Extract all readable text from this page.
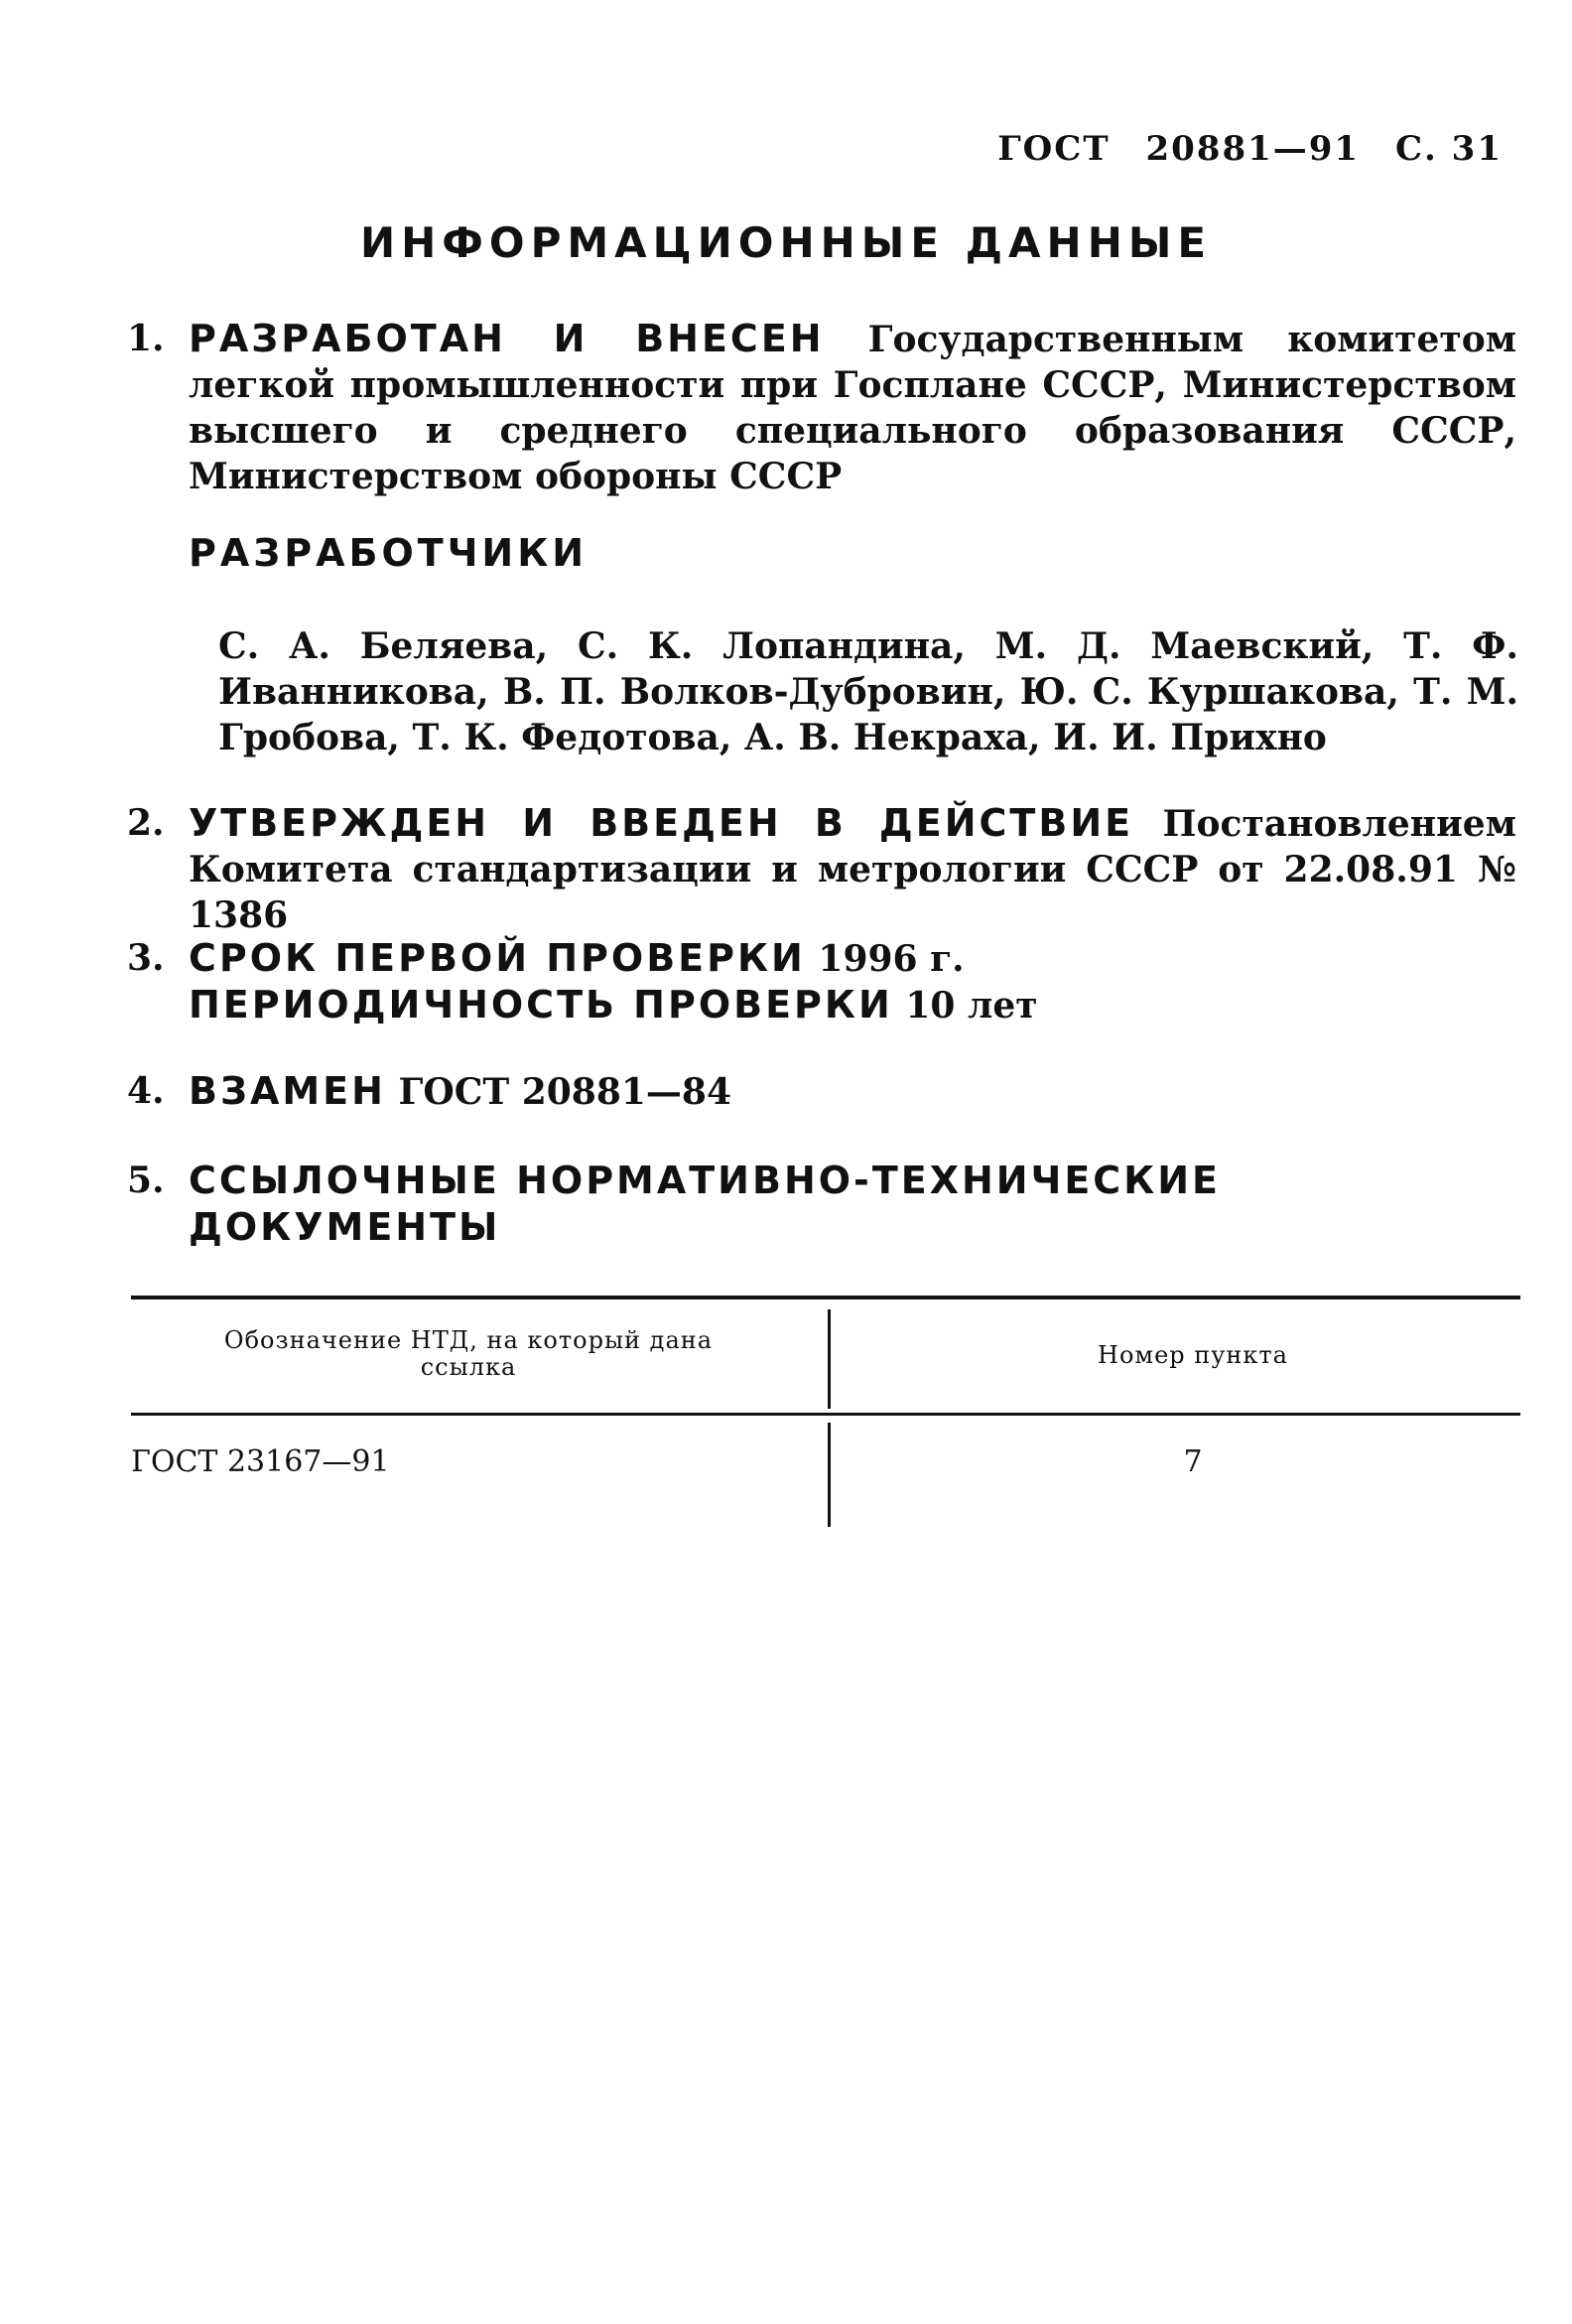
ГОСТ 20881—91 С. 31
ИНФОРМАЦИОННЫЕ ДАННЫЕ
1. РАЗРАБОТАН И ВНЕСЕН Государственным комитетом легкой промышленности при Госплане СССР, Министерством высшего и среднего специального образования СССР, Министерством обороны СССР
РАЗРАБОТЧИКИ
С. А. Беляева, С. К. Лопандина, М. Д. Маевский, Т. Ф. Иванникова, В. П. Волков-Дубровин, Ю. С. Куршакова, Т. М. Гробова, Т. К. Федотова, А. В. Некраха, И. И. Прихно
2. УТВЕРЖДЕН И ВВЕДЕН В ДЕЙСТВИЕ Постановлением Комитета стандартизации и метрологии СССР от 22.08.91 № 1386
3. СРОК ПЕРВОЙ ПРОВЕРКИ 1996 г.
ПЕРИОДИЧНОСТЬ ПРОВЕРКИ 10 лет
4. ВЗАМЕН ГОСТ 20881—84
5. ССЫЛОЧНЫЕ НОРМАТИВНО-ТЕХНИЧЕСКИЕ ДОКУМЕНТЫ
Обозначение НТД, на который дана ссылка	Номер пункта
ГОСТ 23167—91	7
